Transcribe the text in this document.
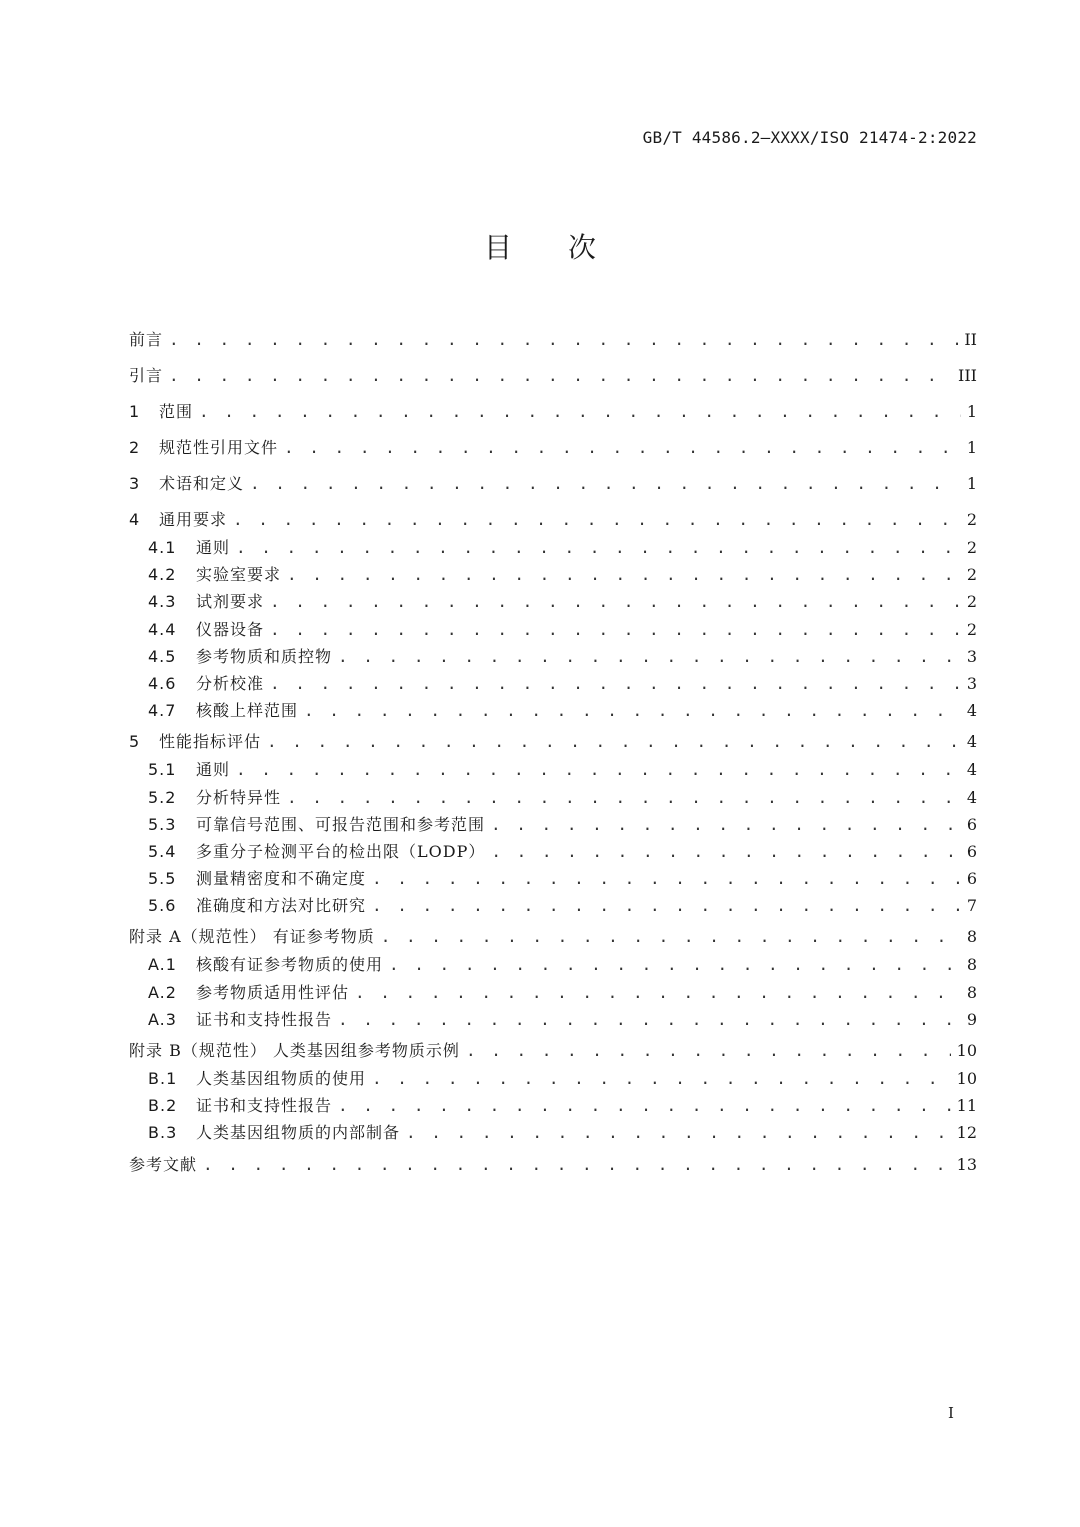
GB/T 44586.2—XXXX/ISO 21474-2:2022
目次
前言 . . .	II
引言 . . .	III
1	范围 . . .	1
2	规范性引用文件 . . .	1
3	术语和定义 . . .	1
4	通用要求 . . .	2
4.1	通则 . . .	2
4.2	实验室要求 . . .	2
4.3	试剂要求 . . .	2
4.4	仪器设备 . . .	2
4.5	参考物质和质控物 . . .	3
4.6	分析校准 . . .	3
4.7	核酸上样范围 . . .	4
5	性能指标评估 . . .	4
5.1	通则 . . .	4
5.2	分析特异性 . . .	4
5.3	可靠信号范围、可报告范围和参考范围 . . .	6
5.4	多重分子检测平台的检出限（LODP） . . .	6
5.5	测量精密度和不确定度 . . .	6
5.6	准确度和方法对比研究 . . .	7
附录 A（规范性） 有证参考物质 . . .	8
A.1	核酸有证参考物质的使用 . . .	8
A.2	参考物质适用性评估 . . .	8
A.3	证书和支持性报告 . . .	9
附录 B（规范性） 人类基因组参考物质示例 . . .	10
B.1	人类基因组物质的使用 . . .	10
B.2	证书和支持性报告 . . .	11
B.3	人类基因组物质的内部制备 . . .	12
参考文献 . . .	13
I
